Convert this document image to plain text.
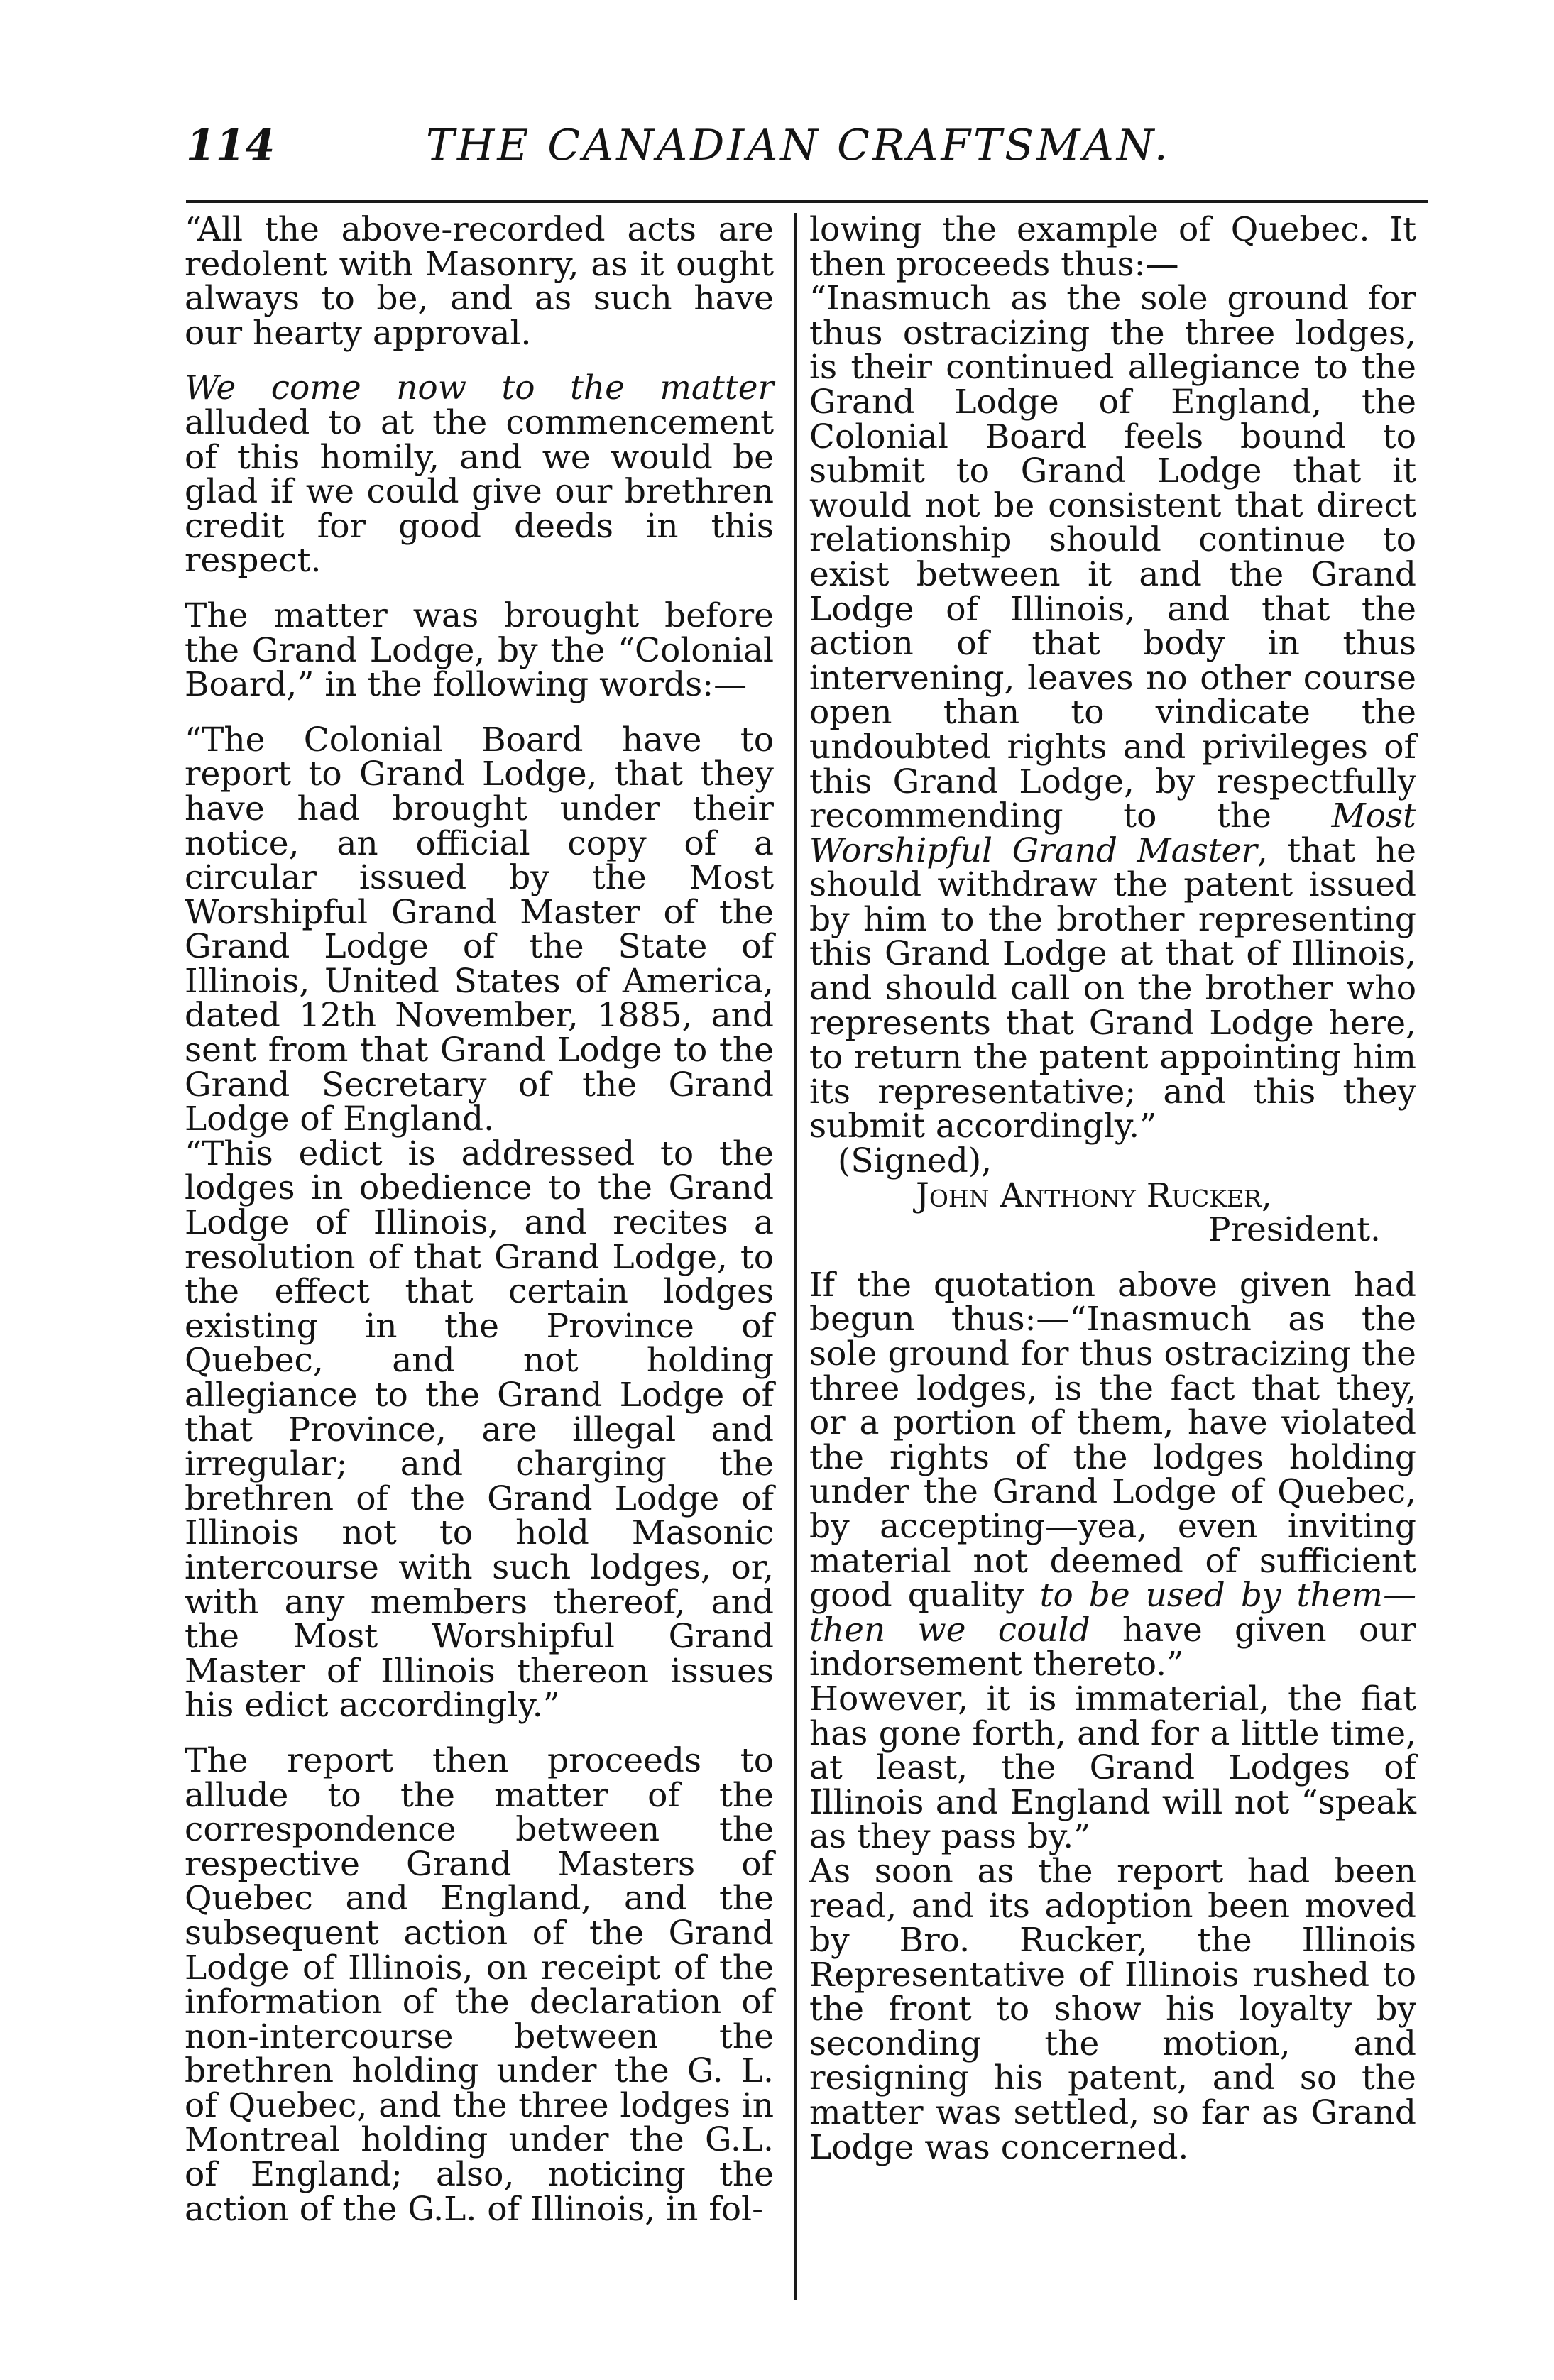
114	THE CANADIAN CRAFTSMAN.

“All the above-recorded acts are redolent with Masonry, as it ought always to be, and as such have our hearty approval.

We come now to the matter alluded to at the commencement of this homily, and we would be glad if we could give our brethren credit for good deeds in this respect.

The matter was brought before the Grand Lodge, by the “Colonial Board,” in the following words:—

“The Colonial Board have to report to Grand Lodge, that they have had brought under their notice, an official copy of a circular issued by the Most Worshipful Grand Master of the Grand Lodge of the State of Illinois, United States of America, dated 12th November, 1885, and sent from that Grand Lodge to the Grand Secretary of the Grand Lodge of England.

“This edict is addressed to the lodges in obedience to the Grand Lodge of Illinois, and recites a resolution of that Grand Lodge, to the effect that certain lodges existing in the Province of Quebec, and not holding allegiance to the Grand Lodge of that Province, are illegal and irregular; and charging the brethren of the Grand Lodge of Illinois not to hold Masonic intercourse with such lodges, or, with any members thereof, and the Most Worshipful Grand Master of Illinois thereon issues his edict accordingly.”

The report then proceeds to allude to the matter of the correspondence between the respective Grand Masters of Quebec and England, and the subsequent action of the Grand Lodge of Illinois, on receipt of the information of the declaration of non-intercourse between the brethren holding under the G. L. of Quebec, and the three lodges in Montreal holding under the G.L. of England; also, noticing the action of the G.L. of Illinois, in fol-

lowing the example of Quebec. It then proceeds thus:—

“Inasmuch as the sole ground for thus ostracizing the three lodges, is their continued allegiance to the Grand Lodge of England, the Colonial Board feels bound to submit to Grand Lodge that it would not be consistent that direct relationship should continue to exist between it and the Grand Lodge of Illinois, and that the action of that body in thus intervening, leaves no other course open than to vindicate the undoubted rights and privileges of this Grand Lodge, by respectfully recommending to the Most Worshipful Grand Master, that he should withdraw the patent issued by him to the brother representing this Grand Lodge at that of Illinois, and should call on the brother who represents that Grand Lodge here, to return the patent appointing him its representative; and this they submit accordingly.”

(Signed),

John Anthony Rucker,

President.

If the quotation above given had begun thus:—“Inasmuch as the sole ground for thus ostracizing the three lodges, is the fact that they, or a portion of them, have violated the rights of the lodges holding under the Grand Lodge of Quebec, by accepting—yea, even inviting material not deemed of sufficient good quality to be used by them—then we could have given our indorsement thereto.”

However, it is immaterial, the fiat has gone forth, and for a little time, at least, the Grand Lodges of Illinois and England will not “speak as they pass by.”

As soon as the report had been read, and its adoption been moved by Bro. Rucker, the Illinois Representative of Illinois rushed to the front to show his loyalty by seconding the motion, and resigning his patent, and so the matter was settled, so far as Grand Lodge was concerned.
